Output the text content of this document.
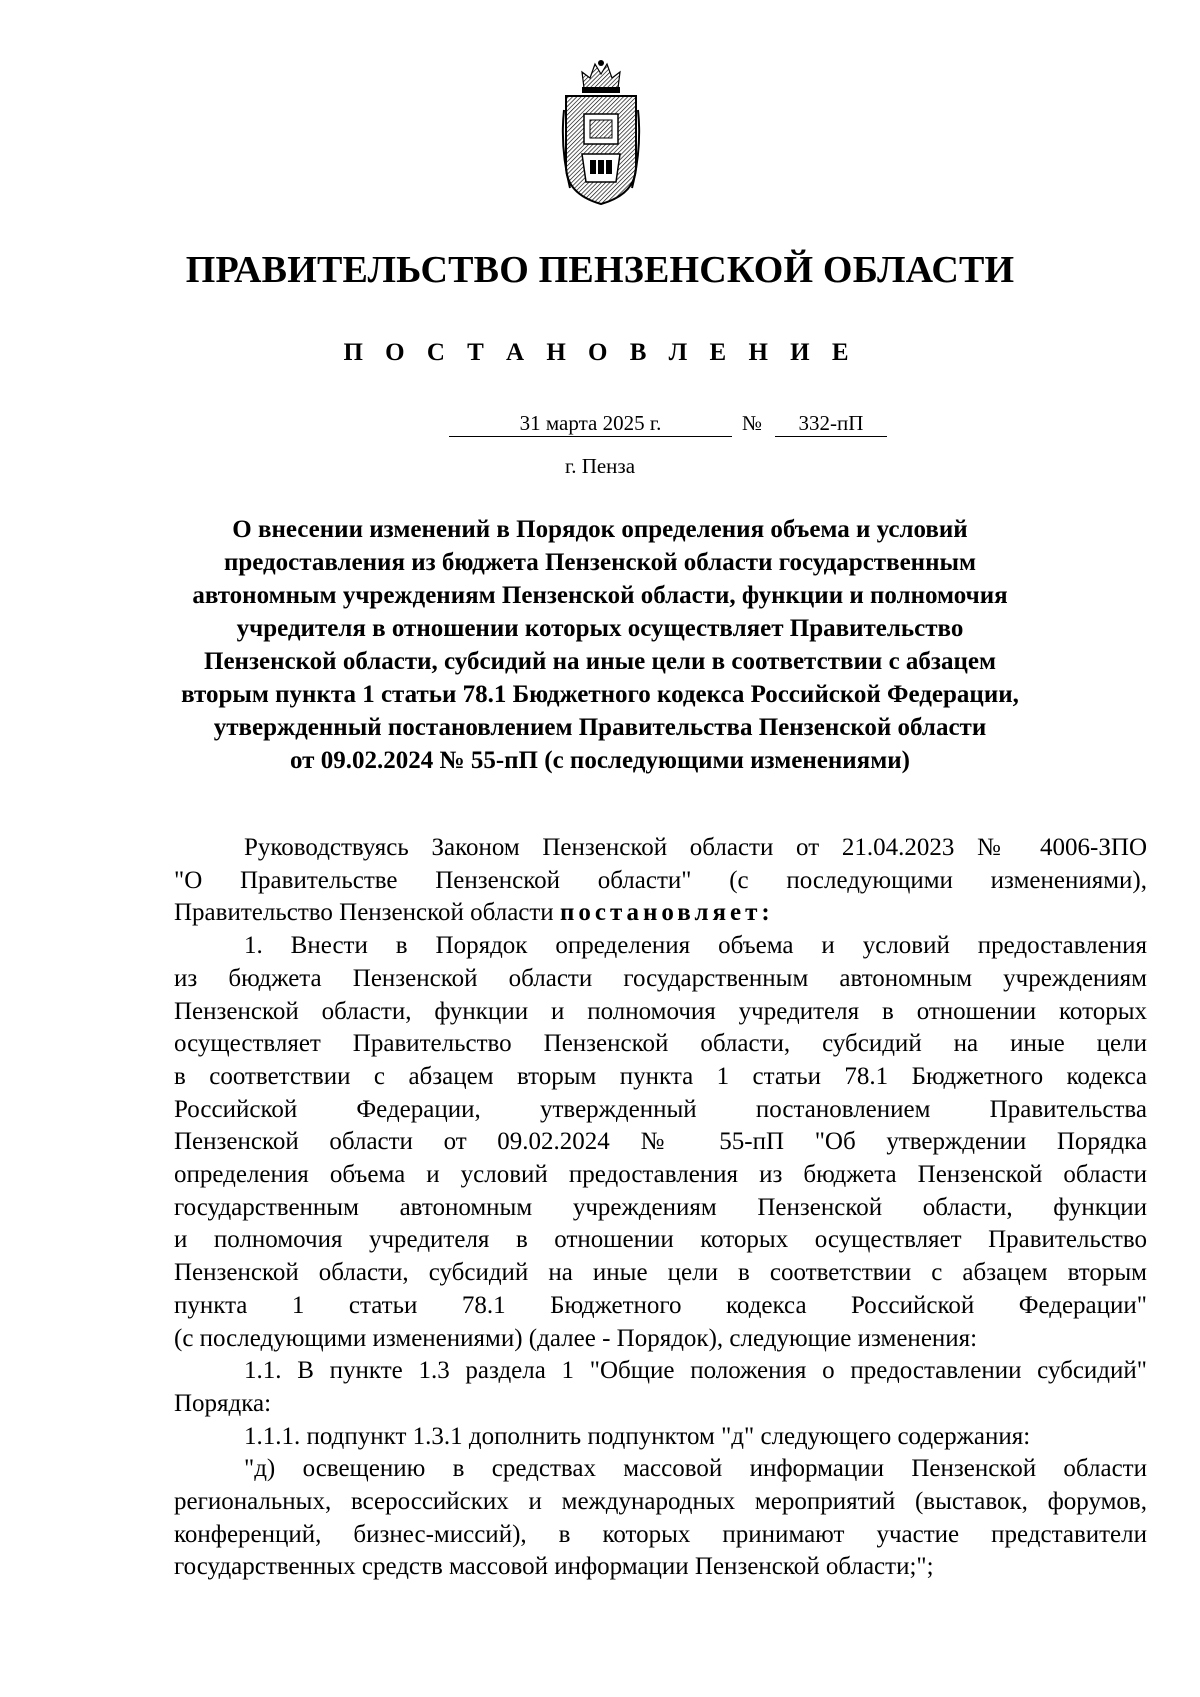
ПРАВИТЕЛЬСТВО ПЕНЗЕНСКОЙ ОБЛАСТИ
П О С Т А Н О В Л Е Н И Е
31 марта 2025 г.	№	332-пП
г. Пенза
О внесении изменений в Порядок определения объема и условий
предоставления из бюджета Пензенской области государственным
автономным учреждениям Пензенской области, функции и полномочия
учредителя в отношении которых осуществляет Правительство
Пензенской области, субсидий на иные цели в соответствии с абзацем
вторым пункта 1 статьи 78.1 Бюджетного кодекса Российской Федерации,
утвержденный постановлением Правительства Пензенской области
от 09.02.2024 № 55-пП (с последующими изменениями)
Руководствуясь Законом Пензенской области от 21.04.2023 № 4006-ЗПО
"О Правительстве Пензенской области" (с последующими изменениями),
Правительство Пензенской области постановляет:
1. Внести в Порядок определения объема и условий предоставления
из бюджета Пензенской области государственным автономным учреждениям
Пензенской области, функции и полномочия учредителя в отношении которых
осуществляет Правительство Пензенской области, субсидий на иные цели
в соответствии с абзацем вторым пункта 1 статьи 78.1 Бюджетного кодекса
Российской Федерации, утвержденный постановлением Правительства
Пензенской области от 09.02.2024 № 55-пП "Об утверждении Порядка
определения объема и условий предоставления из бюджета Пензенской области
государственным автономным учреждениям Пензенской области, функции
и полномочия учредителя в отношении которых осуществляет Правительство
Пензенской области, субсидий на иные цели в соответствии с абзацем вторым
пункта 1 статьи 78.1 Бюджетного кодекса Российской Федерации"
(с последующими изменениями) (далее - Порядок), следующие изменения:
1.1. В пункте 1.3 раздела 1 "Общие положения о предоставлении субсидий"
Порядка:
1.1.1. подпункт 1.3.1 дополнить подпунктом "д" следующего содержания:
"д) освещению в средствах массовой информации Пензенской области
региональных, всероссийских и международных мероприятий (выставок, форумов,
конференций, бизнес-миссий), в которых принимают участие представители
государственных средств массовой информации Пензенской области;";
